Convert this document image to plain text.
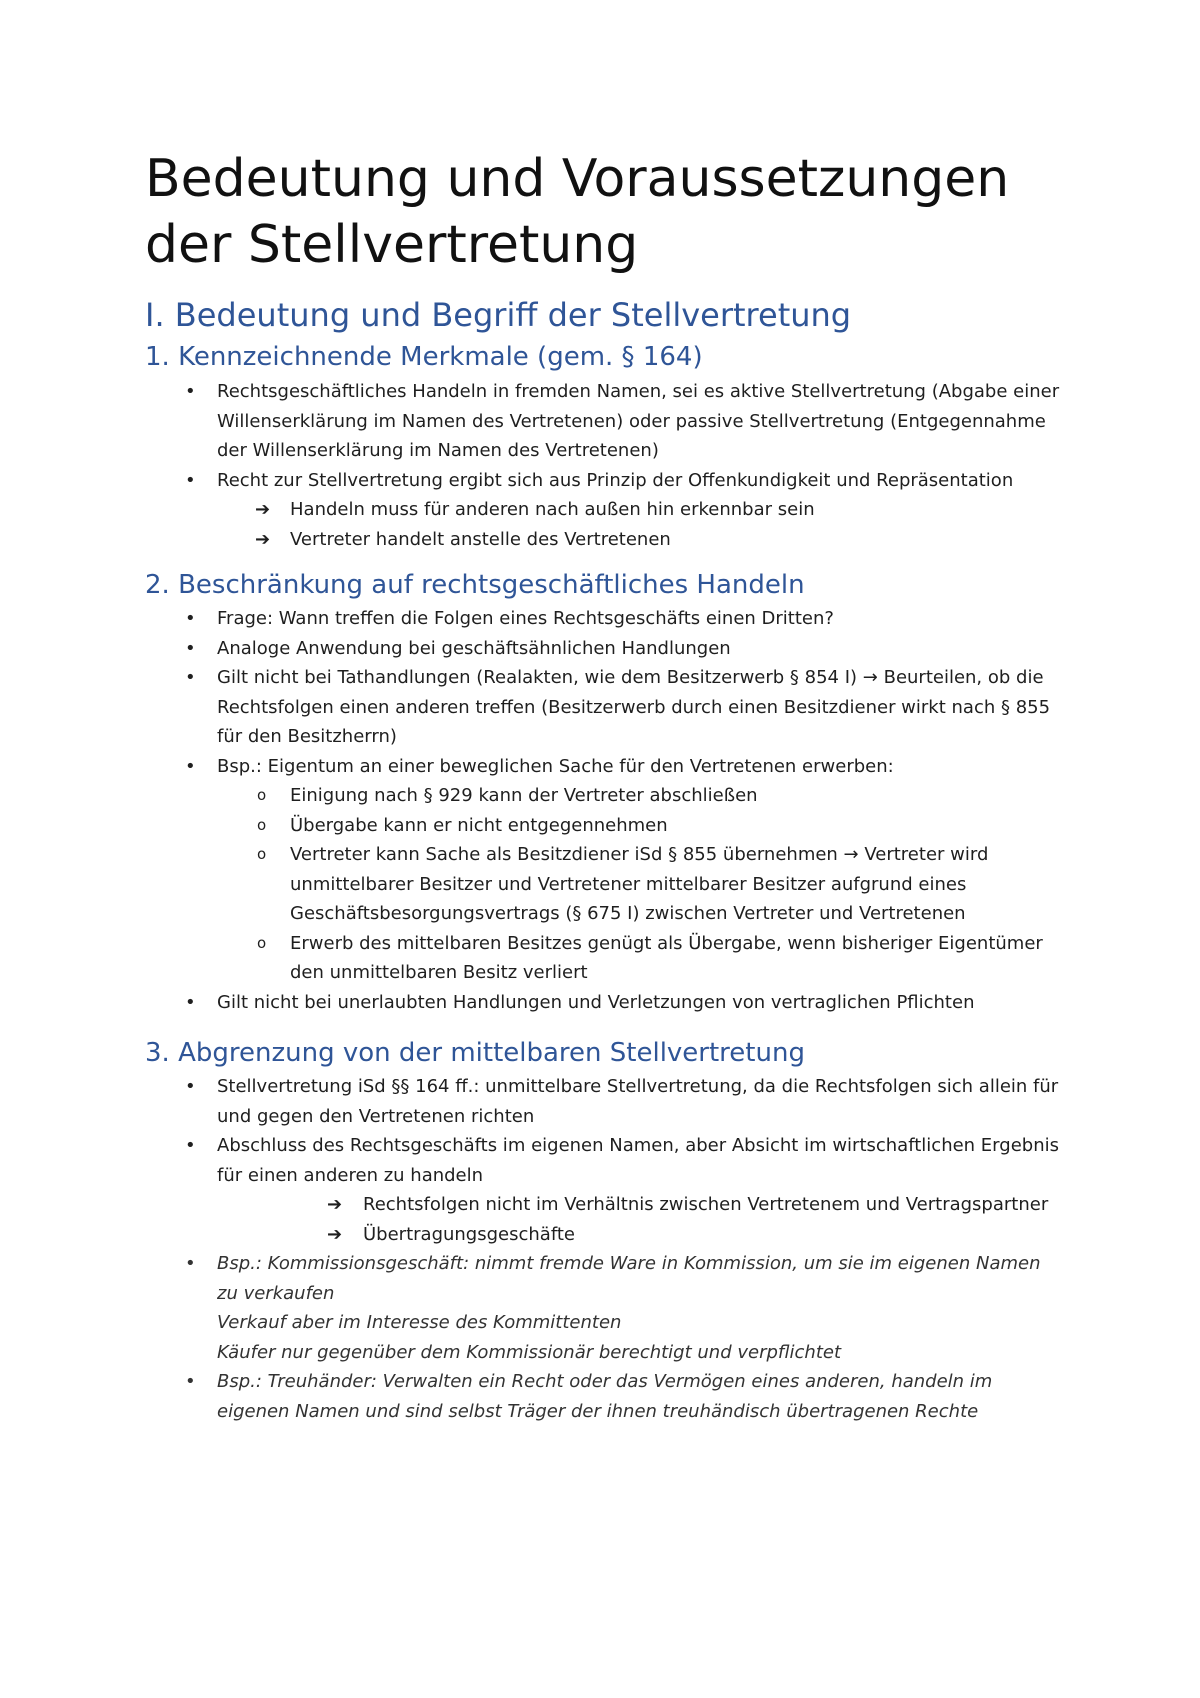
Bedeutung und Voraussetzungen der Stellvertretung
I. Bedeutung und Begriff der Stellvertretung
1. Kennzeichnende Merkmale (gem. § 164)
• Rechtsgeschäftliches Handeln in fremden Namen, sei es aktive Stellvertretung (Abgabe einer Willenserklärung im Namen des Vertretenen) oder passive Stellvertretung (Entgegennahme der Willenserklärung im Namen des Vertretenen)
• Recht zur Stellvertretung ergibt sich aus Prinzip der Offenkundigkeit und Repräsentation
➔ Handeln muss für anderen nach außen hin erkennbar sein
➔ Vertreter handelt anstelle des Vertretenen
2. Beschränkung auf rechtsgeschäftliches Handeln
• Frage: Wann treffen die Folgen eines Rechtsgeschäfts einen Dritten?
• Analoge Anwendung bei geschäftsähnlichen Handlungen
• Gilt nicht bei Tathandlungen (Realakten, wie dem Besitzerwerb § 854 I) → Beurteilen, ob die Rechtsfolgen einen anderen treffen (Besitzerwerb durch einen Besitzdiener wirkt nach § 855 für den Besitzherrn)
• Bsp.: Eigentum an einer beweglichen Sache für den Vertretenen erwerben:
o Einigung nach § 929 kann der Vertreter abschließen
o Übergabe kann er nicht entgegennehmen
o Vertreter kann Sache als Besitzdiener iSd § 855 übernehmen → Vertreter wird unmittelbarer Besitzer und Vertretener mittelbarer Besitzer aufgrund eines Geschäftsbesorgungsvertrags (§ 675 I) zwischen Vertreter und Vertretenen
o Erwerb des mittelbaren Besitzes genügt als Übergabe, wenn bisheriger Eigentümer den unmittelbaren Besitz verliert
• Gilt nicht bei unerlaubten Handlungen und Verletzungen von vertraglichen Pflichten
3. Abgrenzung von der mittelbaren Stellvertretung
• Stellvertretung iSd §§ 164 ff.: unmittelbare Stellvertretung, da die Rechtsfolgen sich allein für und gegen den Vertretenen richten
• Abschluss des Rechtsgeschäfts im eigenen Namen, aber Absicht im wirtschaftlichen Ergebnis für einen anderen zu handeln
➔ Rechtsfolgen nicht im Verhältnis zwischen Vertretenem und Vertragspartner
➔ Übertragungsgeschäfte
• Bsp.: Kommissionsgeschäft: nimmt fremde Ware in Kommission, um sie im eigenen Namen zu verkaufen
Verkauf aber im Interesse des Kommittenten
Käufer nur gegenüber dem Kommissionär berechtigt und verpflichtet
• Bsp.: Treuhänder: Verwalten ein Recht oder das Vermögen eines anderen, handeln im eigenen Namen und sind selbst Träger der ihnen treuhändisch übertragenen Rechte
